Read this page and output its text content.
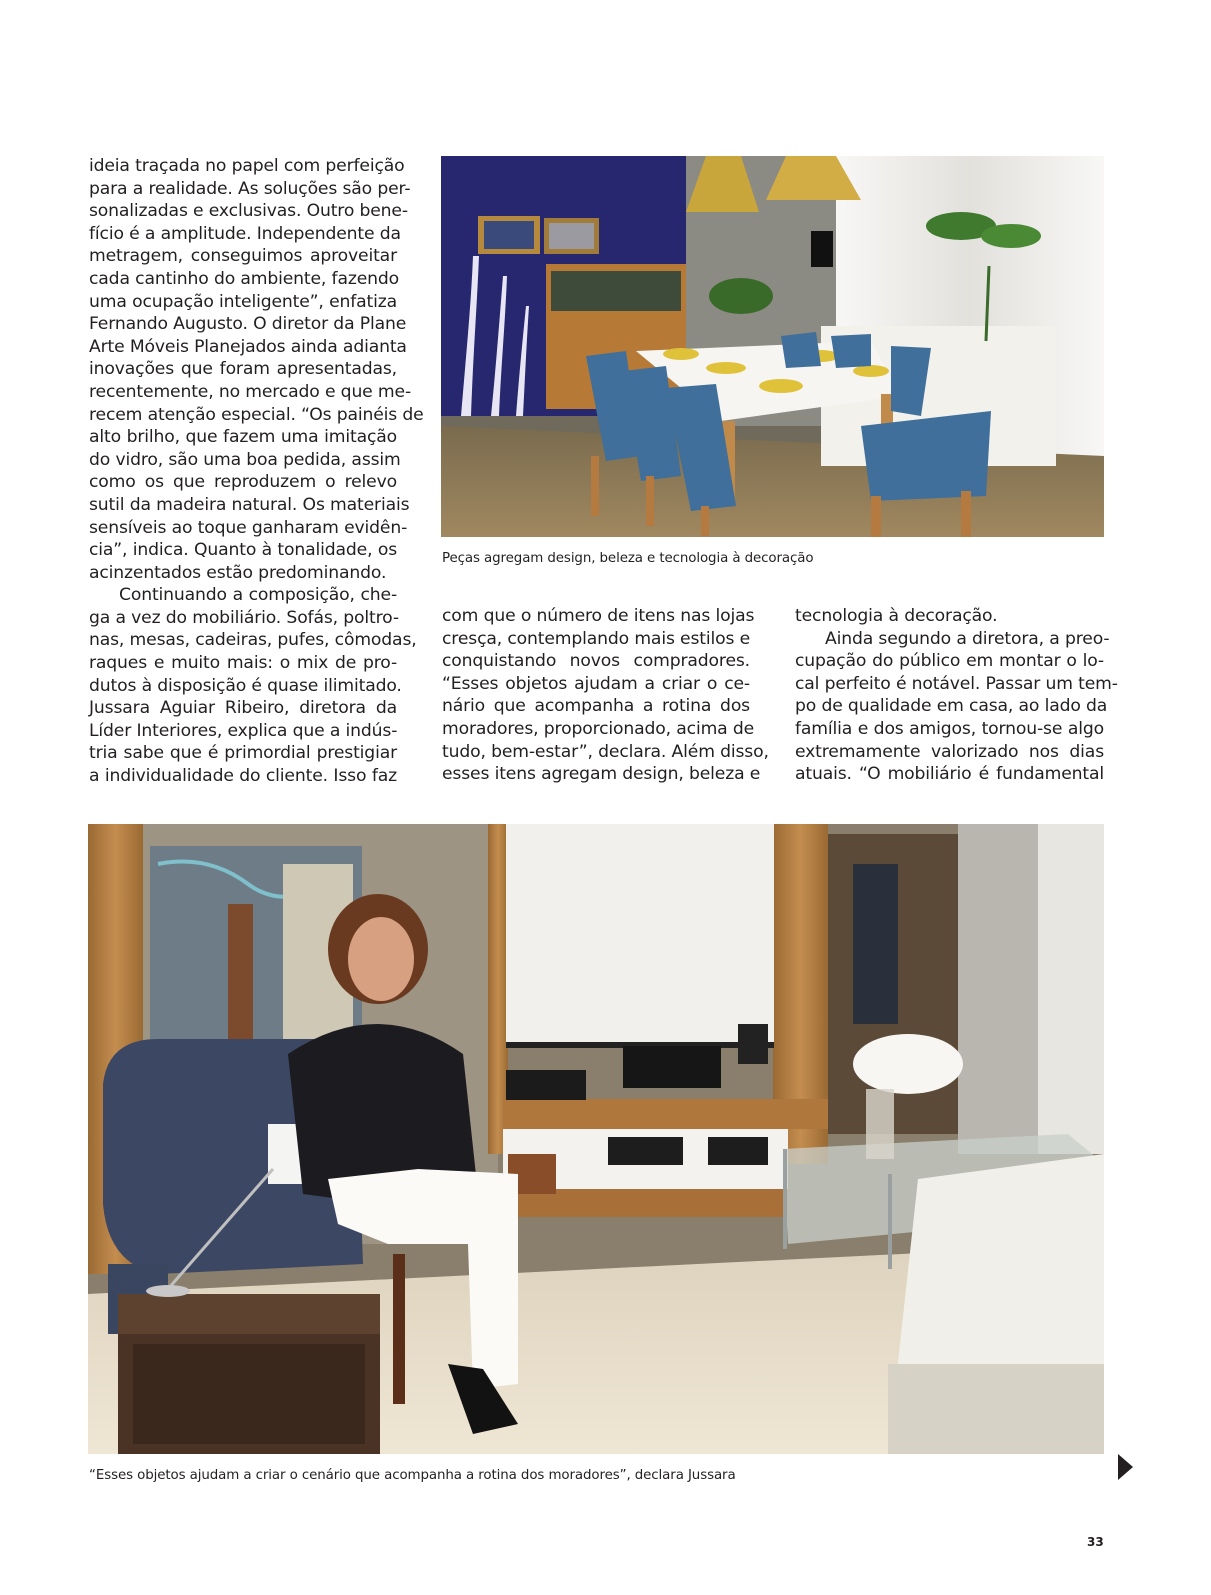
Peças agregam design, beleza e tecnologia à decoração
ideia traçada no papel com perfeição
para a realidade. As soluções são per-
sonalizadas e exclusivas. Outro bene-
fício é a amplitude. Independente da
metragem, conseguimos aproveitar
cada cantinho do ambiente, fazendo
uma ocupação inteligente”, enfatiza
Fernando Augusto. O diretor da Plane
Arte Móveis Planejados ainda adianta
inovações que foram apresentadas,
recentemente, no mercado e que me-
recem atenção especial. “Os painéis de
alto brilho, que fazem uma imitação
do vidro, são uma boa pedida, assim
como os que reproduzem o relevo
sutil da madeira natural. Os materiais
sensíveis ao toque ganharam evidên-
cia”, indica. Quanto à tonalidade, os
acinzentados estão predominando.
Continuando a composição, che-
ga a vez do mobiliário. Sofás, poltro-
nas, mesas, cadeiras, pufes, cômodas,
raques e muito mais: o mix de pro-
dutos à disposição é quase ilimitado.
Jussara Aguiar Ribeiro, diretora da
Líder Interiores, explica que a indús-
tria sabe que é primordial prestigiar
a individualidade do cliente. Isso faz
com que o número de itens nas lojas
cresça, contemplando mais estilos e
conquistando novos compradores.
“Esses objetos ajudam a criar o ce-
nário que acompanha a rotina dos
moradores, proporcionado, acima de
tudo, bem-estar”, declara. Além disso,
esses itens agregam design, beleza e
tecnologia à decoração.
Ainda segundo a diretora, a preo-
cupação do público em montar o lo-
cal perfeito é notável. Passar um tem-
po de qualidade em casa, ao lado da
família e dos amigos, tornou-se algo
extremamente valorizado nos dias
atuais. “O mobiliário é fundamental
“Esses objetos ajudam a criar o cenário que acompanha a rotina dos moradores”, declara Jussara
33
